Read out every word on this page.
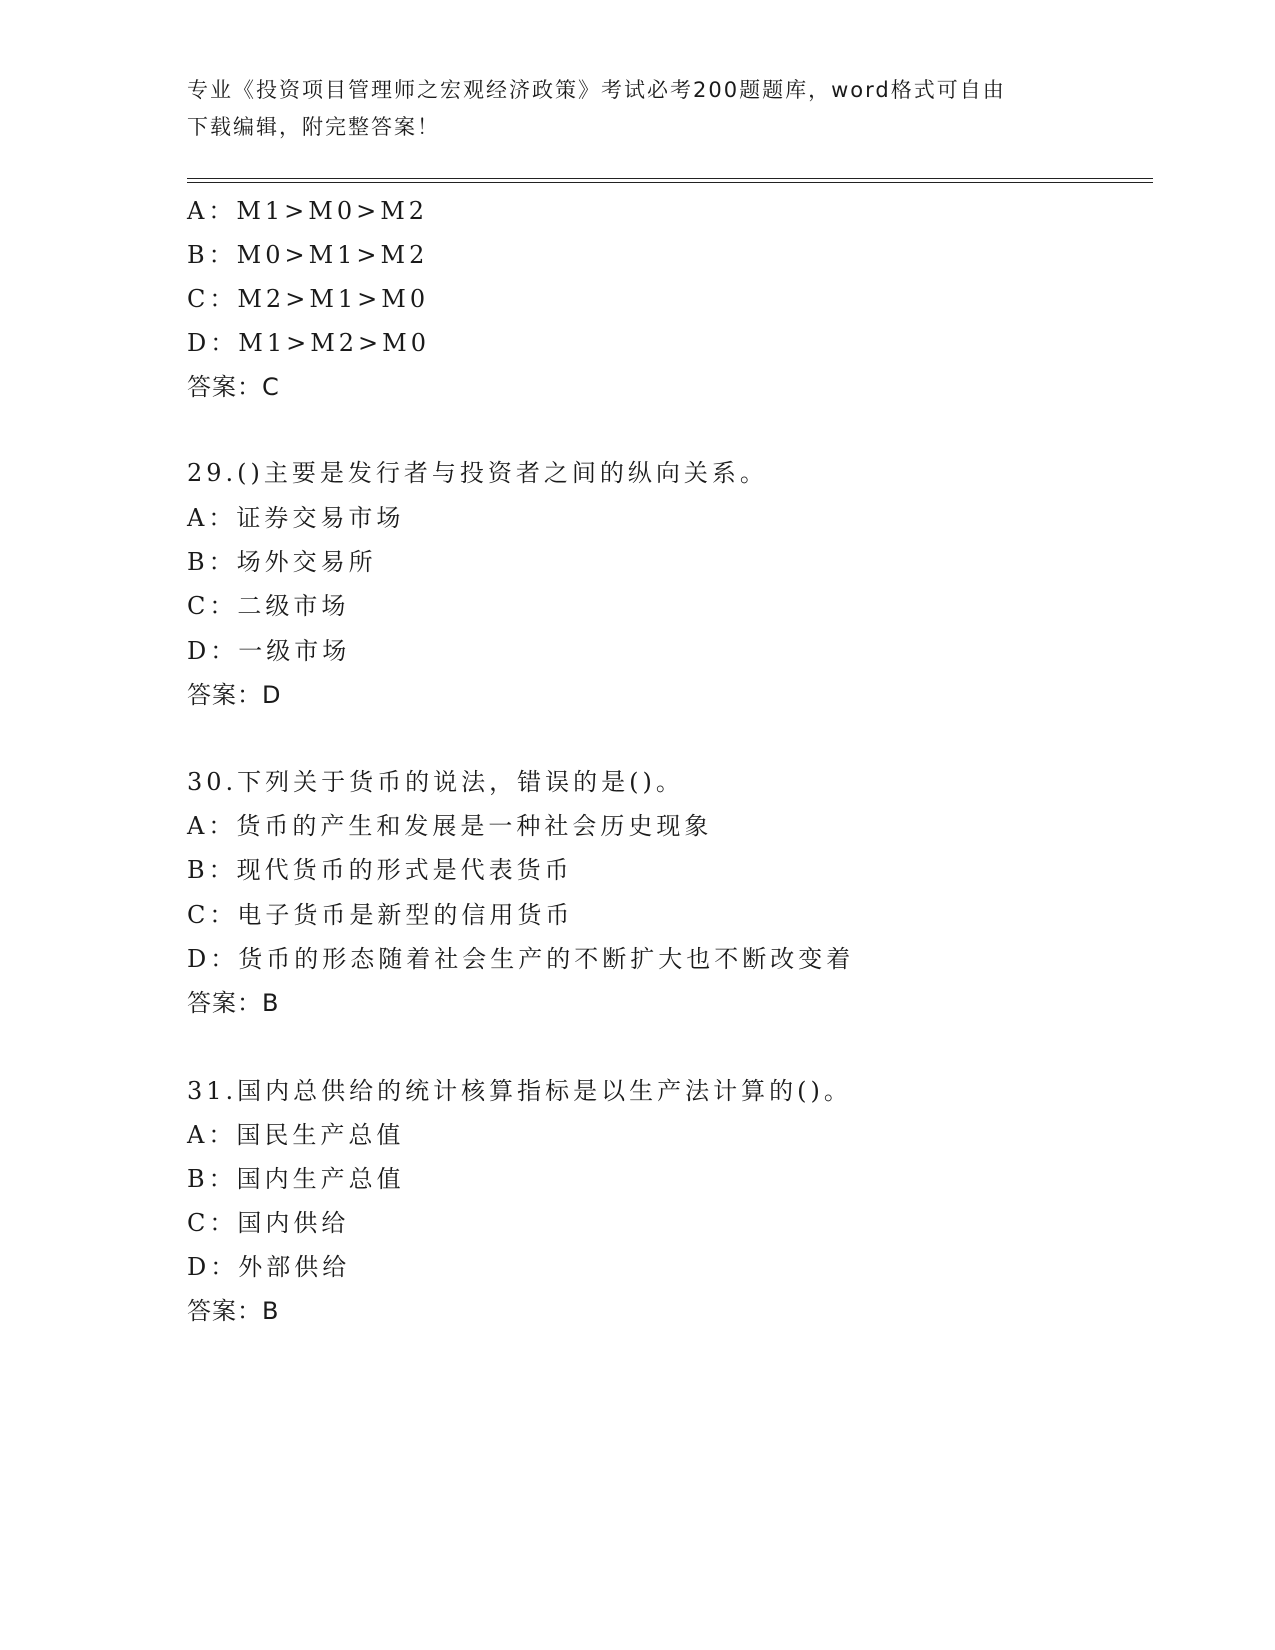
专业《投资项目管理师之宏观经济政策》考试必考200题题库，word格式可自由
下载编辑，附完整答案！
A：M1>M0>M2
B：M0>M1>M2
C：M2>M1>M0
D：M1>M2>M0
答案：C
29.()主要是发行者与投资者之间的纵向关系。
A：证券交易市场
B：场外交易所
C：二级市场
D：一级市场
答案：D
30.下列关于货币的说法，错误的是()。
A：货币的产生和发展是一种社会历史现象
B：现代货币的形式是代表货币
C：电子货币是新型的信用货币
D：货币的形态随着社会生产的不断扩大也不断改变着
答案：B
31.国内总供给的统计核算指标是以生产法计算的()。
A：国民生产总值
B：国内生产总值
C：国内供给
D：外部供给
答案：B
